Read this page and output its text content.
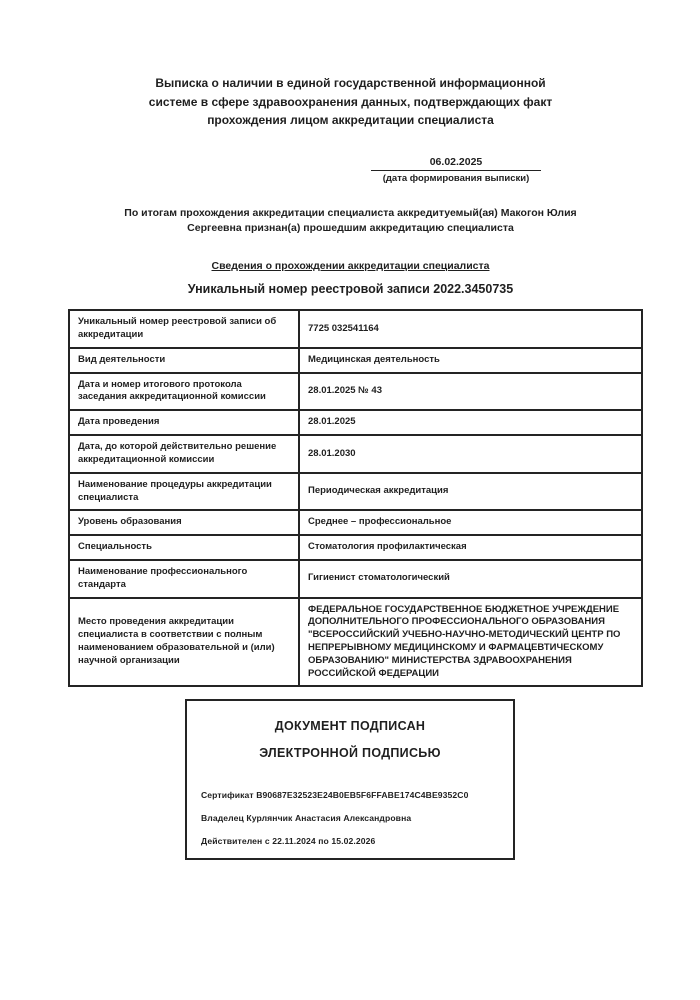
Выписка о наличии в единой государственной информационной системе в сфере здравоохранения данных, подтверждающих факт прохождения лицом аккредитации специалиста
06.02.2025
(дата формирования выписки)
По итогам прохождения аккредитации специалиста аккредитуемый(ая) Макогон Юлия Сергеевна признан(а) прошедшим аккредитацию специалиста
Сведения о прохождении аккредитации специалиста
Уникальный номер реестровой записи 2022.3450735
Уникальный номер реестровой записи об аккредитации	7725 032541164
Вид деятельности	Медицинская деятельность
Дата и номер итогового протокола заседания аккредитационной комиссии	28.01.2025 № 43
Дата проведения	28.01.2025
Дата, до которой действительно решение аккредитационной комиссии	28.01.2030
Наименование процедуры аккредитации специалиста	Периодическая аккредитация
Уровень образования	Среднее – профессиональное
Специальность	Стоматология профилактическая
Наименование профессионального стандарта	Гигиенист стоматологический
Место проведения аккредитации специалиста в соответствии с полным наименованием образовательной и (или) научной организации	ФЕДЕРАЛЬНОЕ ГОСУДАРСТВЕННОЕ БЮДЖЕТНОЕ УЧРЕЖДЕНИЕ ДОПОЛНИТЕЛЬНОГО ПРОФЕССИОНАЛЬНОГО ОБРАЗОВАНИЯ "ВСЕРОССИЙСКИЙ УЧЕБНО-НАУЧНО-МЕТОДИЧЕСКИЙ ЦЕНТР ПО НЕПРЕРЫВНОМУ МЕДИЦИНСКОМУ И ФАРМАЦЕВТИЧЕСКОМУ ОБРАЗОВАНИЮ" МИНИСТЕРСТВА ЗДРАВООХРАНЕНИЯ РОССИЙСКОЙ ФЕДЕРАЦИИ
ДОКУМЕНТ ПОДПИСАН
ЭЛЕКТРОННОЙ ПОДПИСЬЮ
Сертификат B90687E32523E24B0EB5F6FFABE174C4BE9352C0
Владелец Курлянчик Анастасия Александровна
Действителен с 22.11.2024 по 15.02.2026
